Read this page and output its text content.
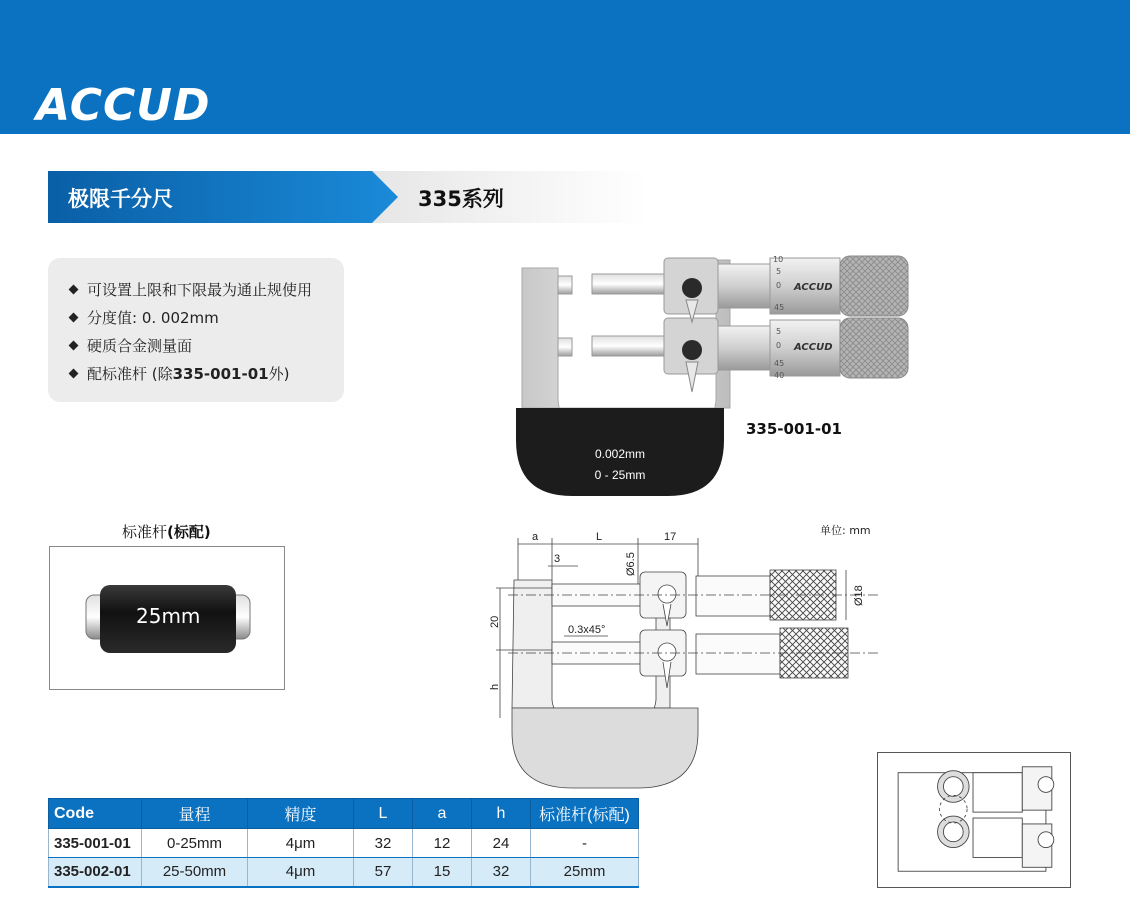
ACCUD
极限千分尺	335系列
可设置上限和下限最为通止规使用
分度值: 0. 002mm
硬质合金测量面
配标准杆 (除335-001-01外)
0.002mm
0 - 25mm
10
5
0
45
5
0
45
40
ACCUD
ACCUD
335-001-01
标准杆(标配)
25mm
单位: mm
a	L	17
3	Ø6.5
Ø18
20
h
0.3x45°
Code	量程	精度	L	a	h	标准杆(标配)
335-001-01	0-25mm	4μm	32	12	24	-
335-002-01	25-50mm	4μm	57	15	32	25mm
